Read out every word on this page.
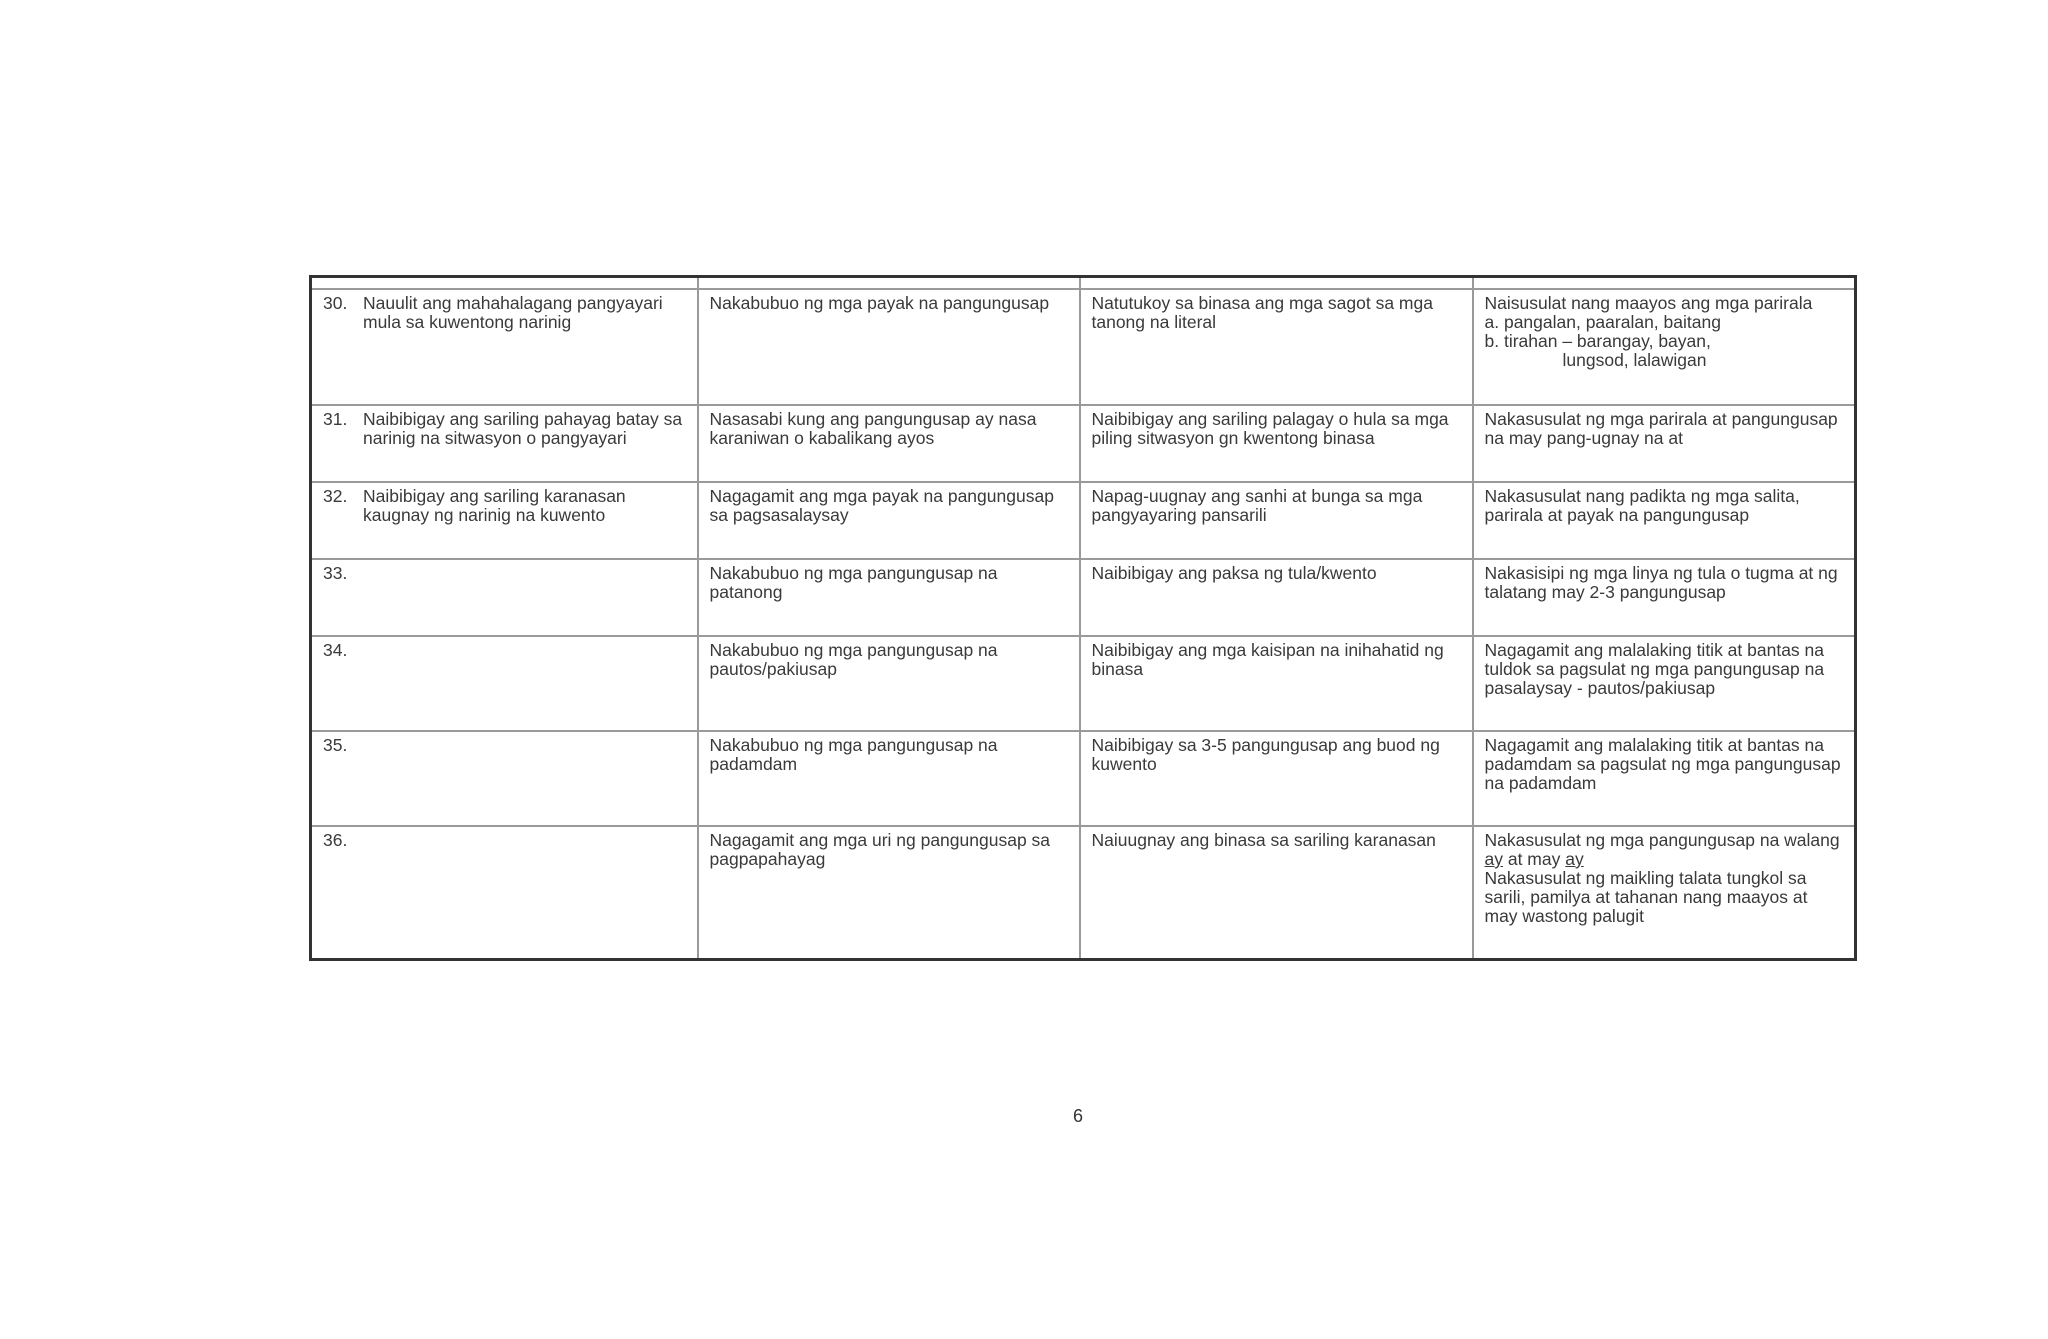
30. Nauulit ang mahahalagang pangyayari mula sa kuwentong narinig	Nakabubuo ng mga payak na pangungusap	Natutukoy sa binasa ang mga sagot sa mga tanong na literal	Naisusulat nang maayos ang mga parirala
a. pangalan, paaralan, baitang
b. tirahan – barangay, bayan,
lungsod, lalawigan

31. Naibibigay ang sariling pahayag batay sa narinig na sitwasyon o pangyayari	Nasasabi kung ang pangungusap ay nasa karaniwan o kabalikang ayos	Naibibigay ang sariling palagay o hula sa mga piling sitwasyon gn kwentong binasa	Nakasusulat ng mga parirala at pangungusap na may pang-ugnay na at

32. Naibibigay ang sariling karanasan kaugnay ng narinig na kuwento	Nagagamit ang mga payak na pangungusap sa pagsasalaysay	Napag-uugnay ang sanhi at bunga sa mga pangyayaring pansarili	Nakasusulat nang padikta ng mga salita, parirala at payak na pangungusap

33.	Nakabubuo ng mga pangungusap na patanong	Naibibigay ang paksa ng tula/kwento	Nakasisipi ng mga linya ng tula o tugma at ng talatang may 2-3 pangungusap

34.	Nakabubuo ng mga pangungusap na pautos/pakiusap	Naibibigay ang mga kaisipan na inihahatid ng binasa	Nagagamit ang malalaking titik at bantas na tuldok sa pagsulat ng mga pangungusap na pasalaysay - pautos/pakiusap

35.	Nakabubuo ng mga pangungusap na padamdam	Naibibigay sa 3-5 pangungusap ang buod ng kuwento	Nagagamit ang malalaking titik at bantas na padamdam sa pagsulat ng mga pangungusap na padamdam

36.	Nagagamit ang mga uri ng pangungusap sa pagpapahayag	Naiuugnay ang binasa sa sariling karanasan	Nakasusulat ng mga pangungusap na walang ay at may ay
Nakasusulat ng maikling talata tungkol sa sarili, pamilya at tahanan nang maayos at may wastong palugit
6
